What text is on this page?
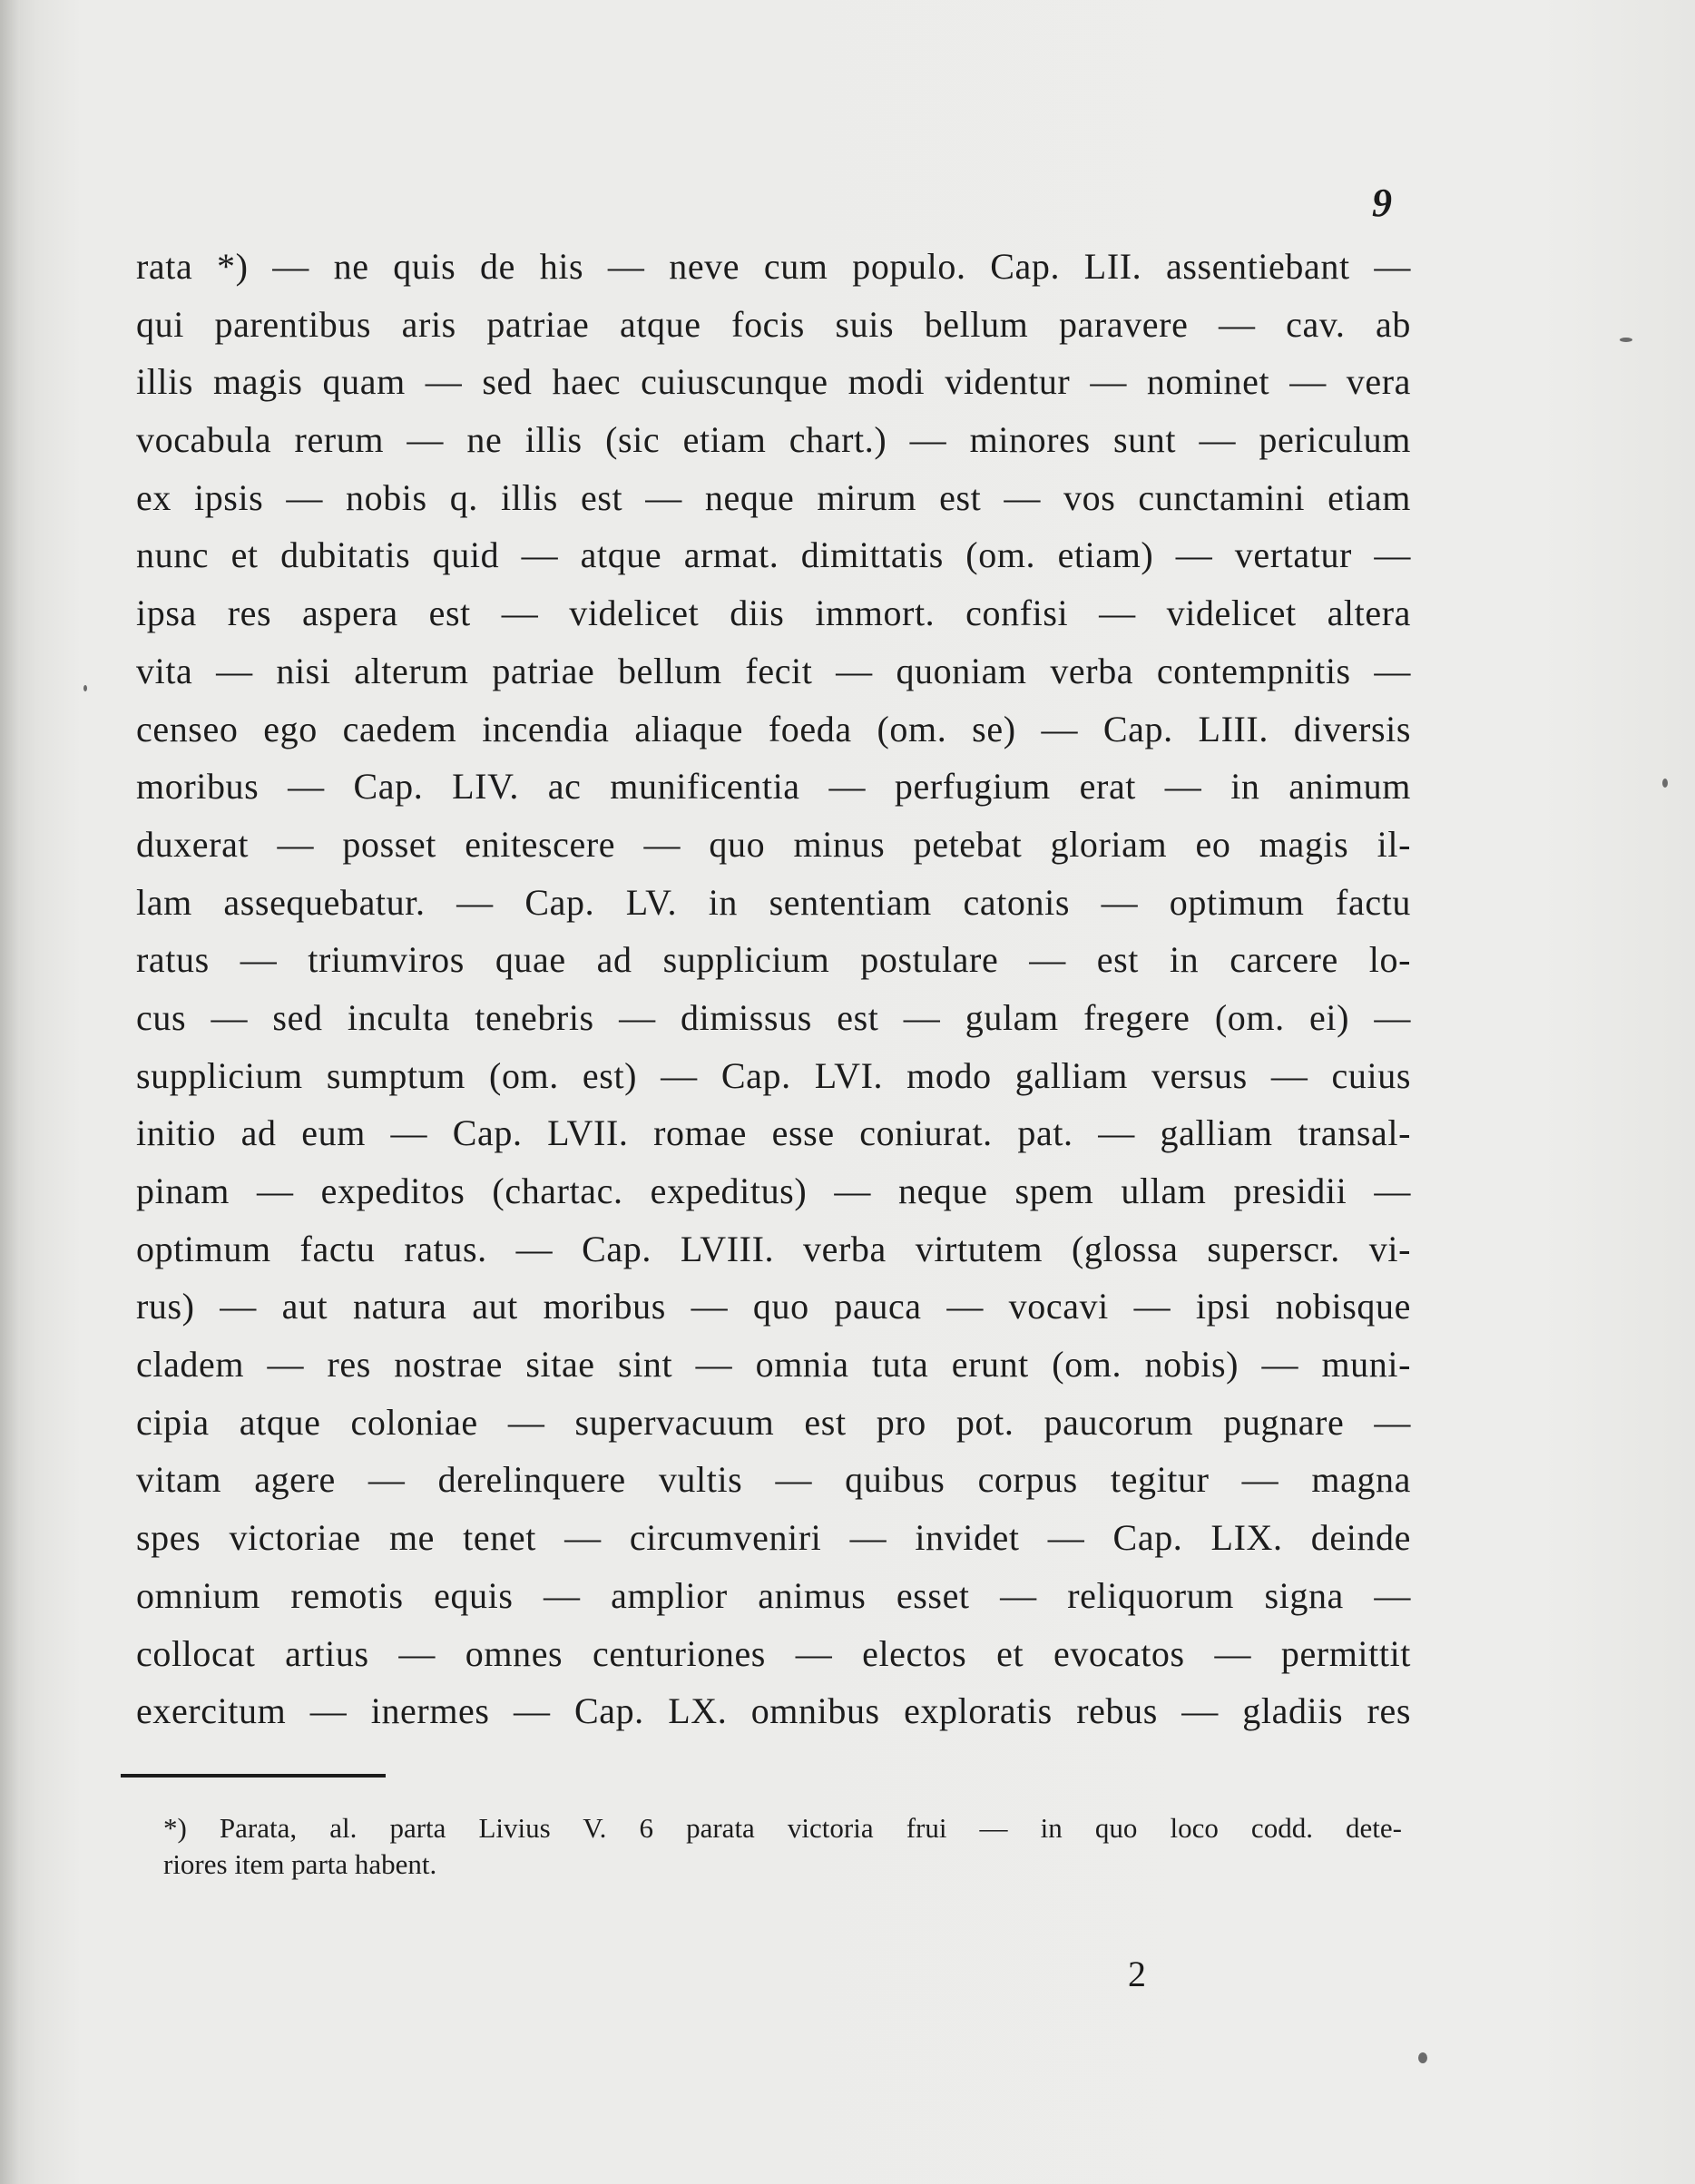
9
rata *) — ne quis de his — neve cum populo. Cap. LII. assentiebant —
qui parentibus aris patriae atque focis suis bellum paravere — cav. ab
illis magis quam — sed haec cuiuscunque modi videntur — nominet — vera
vocabula rerum — ne illis (sic etiam chart.) — minores sunt — periculum
ex ipsis — nobis q. illis est — neque mirum est — vos cunctamini etiam
nunc et dubitatis quid — atque armat. dimittatis (om. etiam) — vertatur —
ipsa res aspera est — videlicet diis immort. confisi — videlicet altera
vita — nisi alterum patriae bellum fecit — quoniam verba contempnitis —
censeo ego caedem incendia aliaque foeda (om. se) — Cap. LIII. diversis
moribus — Cap. LIV. ac munificentia — perfugium erat — in animum
duxerat — posset enitescere — quo minus petebat gloriam eo magis il-
lam assequebatur. — Cap. LV. in sententiam catonis — optimum factu
ratus — triumviros quae ad supplicium postulare — est in carcere lo-
cus — sed inculta tenebris — dimissus est — gulam fregere (om. ei) —
supplicium sumptum (om. est) — Cap. LVI. modo galliam versus — cuius
initio ad eum — Cap. LVII. romae esse coniurat. pat. — galliam transal-
pinam — expeditos (chartac. expeditus) — neque spem ullam presidii —
optimum factu ratus. — Cap. LVIII. verba virtutem (glossa superscr. vi-
rus) — aut natura aut moribus — quo pauca — vocavi — ipsi nobisque
cladem — res nostrae sitae sint — omnia tuta erunt (om. nobis) — muni-
cipia atque coloniae — supervacuum est pro pot. paucorum pugnare —
vitam agere — derelinquere vultis — quibus corpus tegitur — magna
spes victoriae me tenet — circumveniri — invidet — Cap. LIX. deinde
omnium remotis equis — amplior animus esset — reliquorum signa —
collocat artius — omnes centuriones — electos et evocatos — permittit
exercitum — inermes — Cap. LX. omnibus exploratis rebus — gladiis res
*) Parata, al. parta Livius V. 6 parata victoria frui — in quo loco codd. dete-
riores item parta habent.
2
